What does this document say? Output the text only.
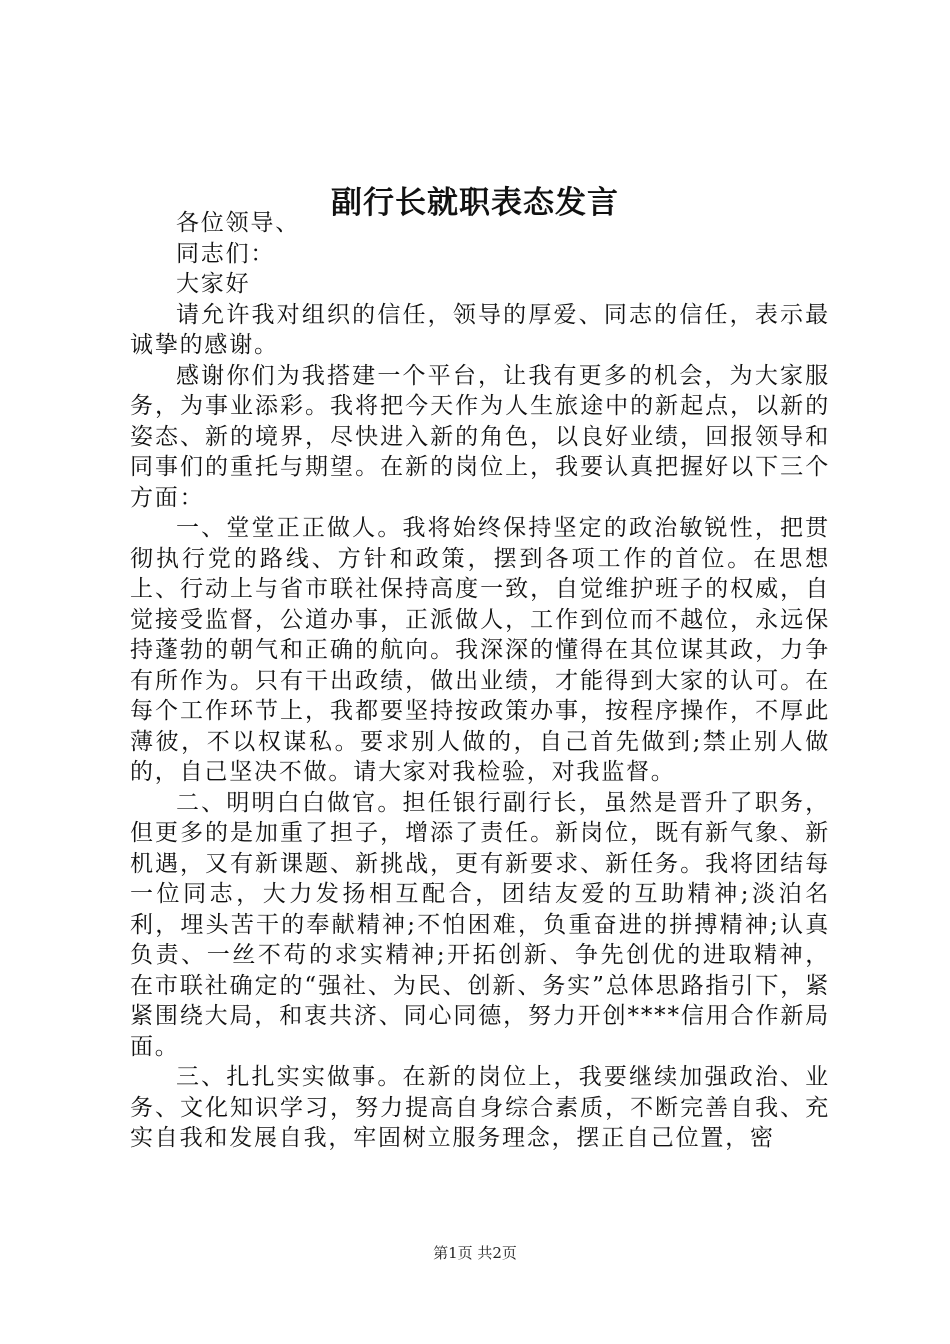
副行长就职表态发言

各位领导、

同志们：

大家好

请允许我对组织的信任，领导的厚爱、同志的信任，表示最诚挚的感谢。

感谢你们为我搭建一个平台，让我有更多的机会，为大家服务，为事业添彩。我将把今天作为人生旅途中的新起点，以新的姿态、新的境界，尽快进入新的角色，以良好业绩，回报领导和同事们的重托与期望。在新的岗位上，我要认真把握好以下三个方面：

一、堂堂正正做人。我将始终保持坚定的政治敏锐性，把贯彻执行党的路线、方针和政策，摆到各项工作的首位。在思想上、行动上与省市联社保持高度一致，自觉维护班子的权威，自觉接受监督，公道办事，正派做人，工作到位而不越位，永远保持蓬勃的朝气和正确的航向。我深深的懂得在其位谋其政，力争有所作为。只有干出政绩，做出业绩，才能得到大家的认可。在每个工作环节上，我都要坚持按政策办事，按程序操作，不厚此薄彼，不以权谋私。要求别人做的，自己首先做到;禁止别人做的，自己坚决不做。请大家对我检验，对我监督。

二、明明白白做官。担任银行副行长，虽然是晋升了职务，但更多的是加重了担子，增添了责任。新岗位，既有新气象、新机遇，又有新课题、新挑战，更有新要求、新任务。我将团结每一位同志，大力发扬相互配合，团结友爱的互助精神;淡泊名利，埋头苦干的奉献精神;不怕困难，负重奋进的拼搏精神;认真负责、一丝不苟的求实精神;开拓创新、争先创优的进取精神，在市联社确定的“强社、为民、创新、务实”总体思路指引下，紧紧围绕大局，和衷共济、同心同德，努力开创****信用合作新局面。

三、扎扎实实做事。在新的岗位上，我要继续加强政治、业务、文化知识学习，努力提高自身综合素质，不断完善自我、充实自我和发展自我，牢固树立服务理念，摆正自己位置，密

第1页 共2页
